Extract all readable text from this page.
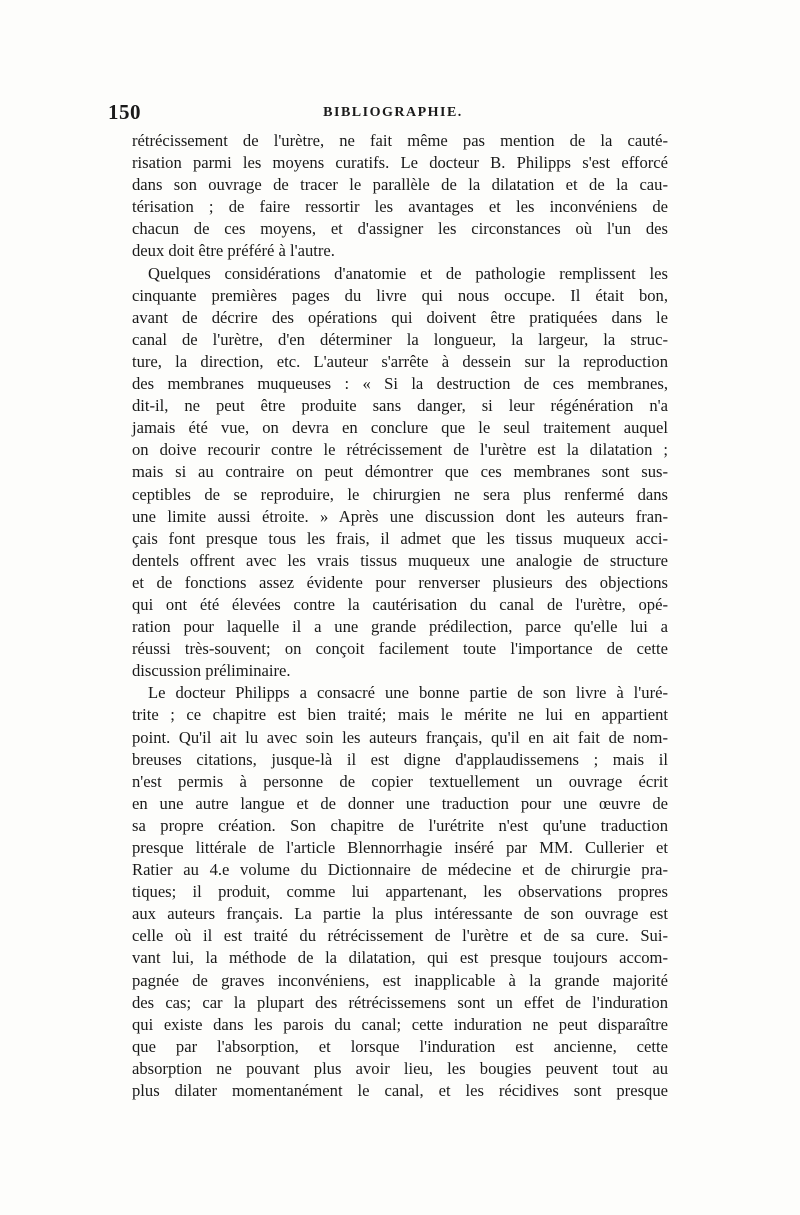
150	BIBLIOGRAPHIE.

rétrécissement de l'urètre, ne fait même pas mention de la cauté-
risation parmi les moyens curatifs. Le docteur B. Philipps s'est efforcé
dans son ouvrage de tracer le parallèle de la dilatation et de la cau-
térisation ; de faire ressortir les avantages et les inconvéniens de
chacun de ces moyens, et d'assigner les circonstances où l'un des
deux doit être préféré à l'autre.

Quelques considérations d'anatomie et de pathologie remplissent les
cinquante premières pages du livre qui nous occupe. Il était bon,
avant de décrire des opérations qui doivent être pratiquées dans le
canal de l'urètre, d'en déterminer la longueur, la largeur, la struc-
ture, la direction, etc. L'auteur s'arrête à dessein sur la reproduction
des membranes muqueuses : « Si la destruction de ces membranes,
dit-il, ne peut être produite sans danger, si leur régénération n'a
jamais été vue, on devra en conclure que le seul traitement auquel
on doive recourir contre le rétrécissement de l'urètre est la dilatation ;
mais si au contraire on peut démontrer que ces membranes sont sus-
ceptibles de se reproduire, le chirurgien ne sera plus renfermé dans
une limite aussi étroite. » Après une discussion dont les auteurs fran-
çais font presque tous les frais, il admet que les tissus muqueux acci-
dentels offrent avec les vrais tissus muqueux une analogie de structure
et de fonctions assez évidente pour renverser plusieurs des objections
qui ont été élevées contre la cautérisation du canal de l'urètre, opé-
ration pour laquelle il a une grande prédilection, parce qu'elle lui a
réussi très-souvent; on conçoit facilement toute l'importance de cette
discussion préliminaire.

Le docteur Philipps a consacré une bonne partie de son livre à l'uré-
trite ; ce chapitre est bien traité; mais le mérite ne lui en appartient
point. Qu'il ait lu avec soin les auteurs français, qu'il en ait fait de nom-
breuses citations, jusque-là il est digne d'applaudissemens ; mais il
n'est permis à personne de copier textuellement un ouvrage écrit
en une autre langue et de donner une traduction pour une œuvre de
sa propre création. Son chapitre de l'urétrite n'est qu'une traduction
presque littérale de l'article Blennorrhagie inséré par MM. Cullerier et
Ratier au 4.e volume du Dictionnaire de médecine et de chirurgie pra-
tiques; il produit, comme lui appartenant, les observations propres
aux auteurs français. La partie la plus intéressante de son ouvrage est
celle où il est traité du rétrécissement de l'urètre et de sa cure. Sui-
vant lui, la méthode de la dilatation, qui est presque toujours accom-
pagnée de graves inconvéniens, est inapplicable à la grande majorité
des cas; car la plupart des rétrécissemens sont un effet de l'induration
qui existe dans les parois du canal; cette induration ne peut disparaître
que par l'absorption, et lorsque l'induration est ancienne, cette
absorption ne pouvant plus avoir lieu, les bougies peuvent tout au
plus dilater momentanément le canal, et les récidives sont presque
